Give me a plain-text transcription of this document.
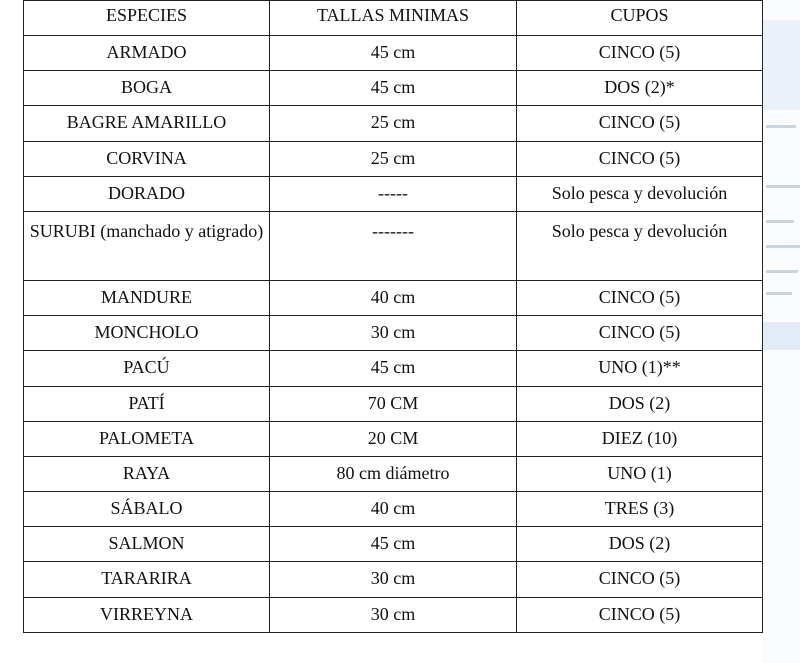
ESPECIES	TALLAS MINIMAS	CUPOS
ARMADO	45 cm	CINCO (5)
BOGA	45 cm	DOS (2)*
BAGRE AMARILLO	25 cm	CINCO (5)
CORVINA	25 cm	CINCO (5)
DORADO	-----	Solo pesca y devolución
SURUBI (manchado y atigrado)	-------	Solo pesca y devolución
MANDURE	40 cm	CINCO (5)
MONCHOLO	30 cm	CINCO (5)
PACÚ	45 cm	UNO (1)**
PATÍ	70 CM	DOS (2)
PALOMETA	20 CM	DIEZ (10)
RAYA	80 cm diámetro	UNO (1)
SÁBALO	40 cm	TRES (3)
SALMON	45 cm	DOS (2)
TARARIRA	30 cm	CINCO (5)
VIRREYNA	30 cm	CINCO (5)
